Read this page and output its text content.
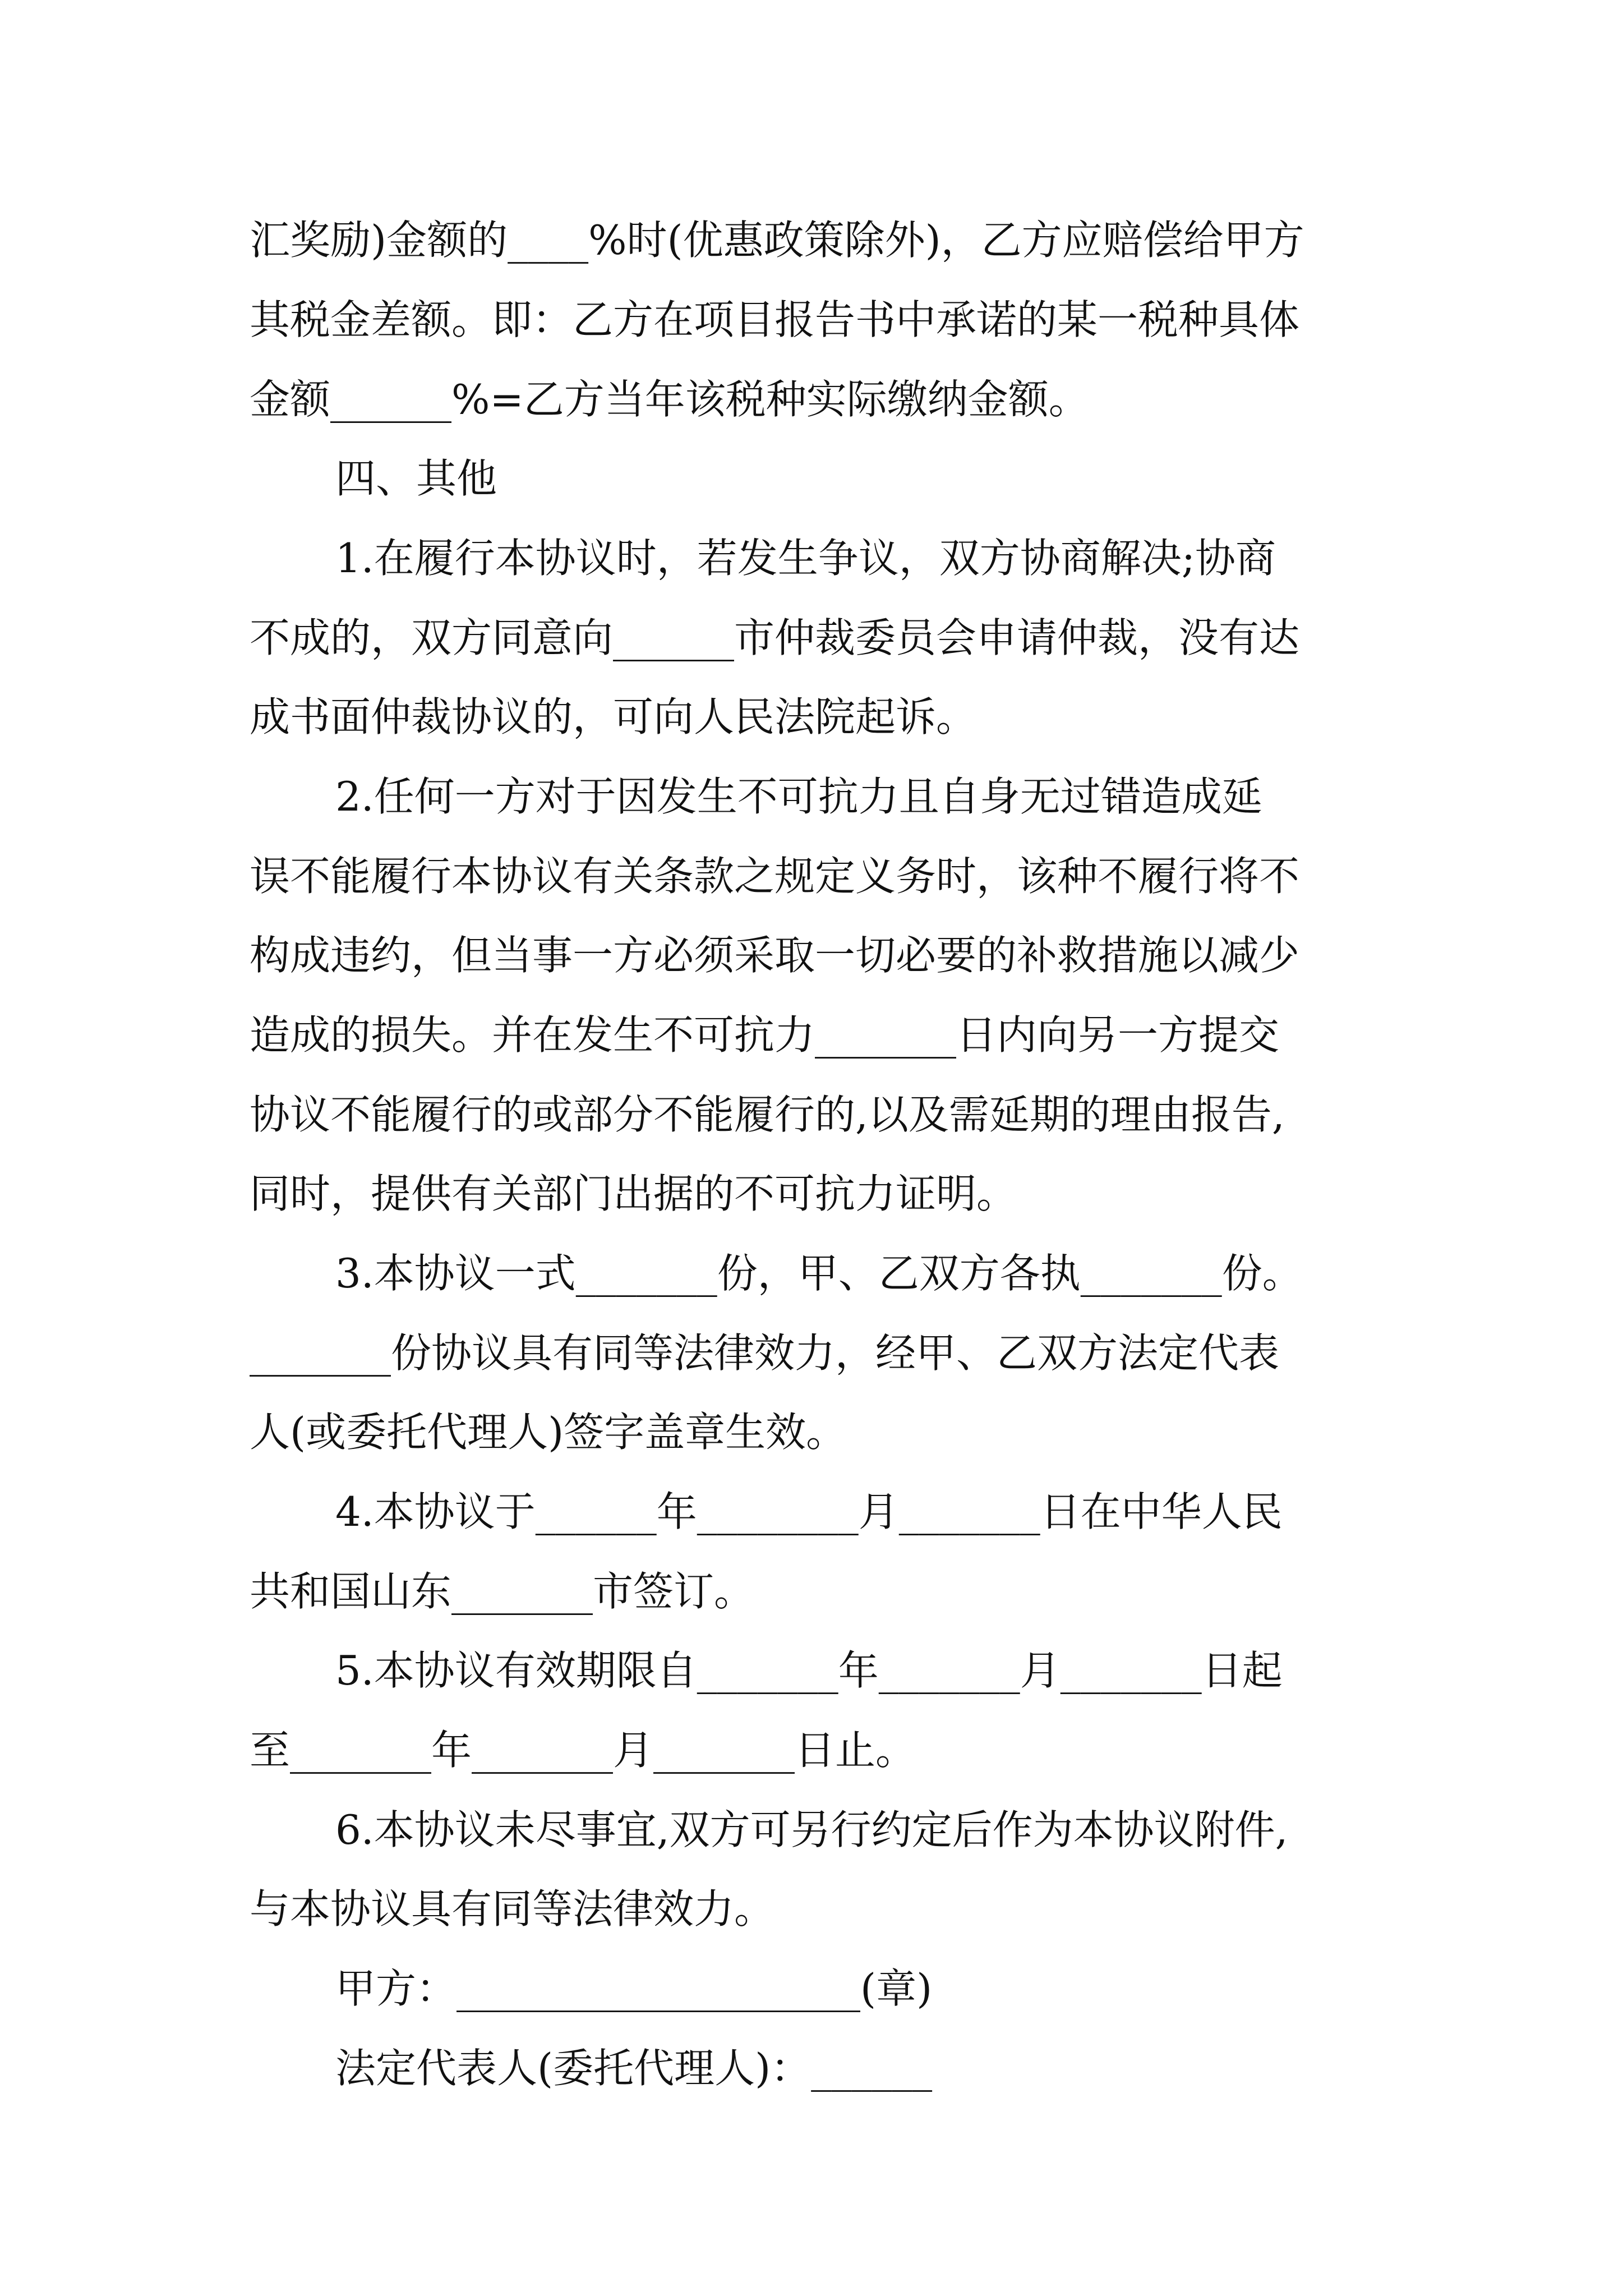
汇奖励)金额的____%时(优惠政策除外)，乙方应赔偿给甲方
其税金差额。即：乙方在项目报告书中承诺的某一税种具体
金额______%=乙方当年该税种实际缴纳金额。
四、其他
1.在履行本协议时，若发生争议，双方协商解决;协商
不成的，双方同意向______市仲裁委员会申请仲裁，没有达
成书面仲裁协议的，可向人民法院起诉。
2.任何一方对于因发生不可抗力且自身无过错造成延
误不能履行本协议有关条款之规定义务时，该种不履行将不
构成违约，但当事一方必须采取一切必要的补救措施以减少
造成的损失。并在发生不可抗力_______日内向另一方提交
协议不能履行的或部分不能履行的,以及需延期的理由报告,
同时，提供有关部门出据的不可抗力证明。
3.本协议一式_______份，甲、乙双方各执_______份。
_______份协议具有同等法律效力，经甲、乙双方法定代表
人(或委托代理人)签字盖章生效。
4.本协议于______年________月_______日在中华人民
共和国山东_______市签订。
5.本协议有效期限自_______年_______月_______日起
至_______年_______月_______日止。
6.本协议未尽事宜,双方可另行约定后作为本协议附件,
与本协议具有同等法律效力。
甲方：____________________(章)
法定代表人(委托代理人)：______
